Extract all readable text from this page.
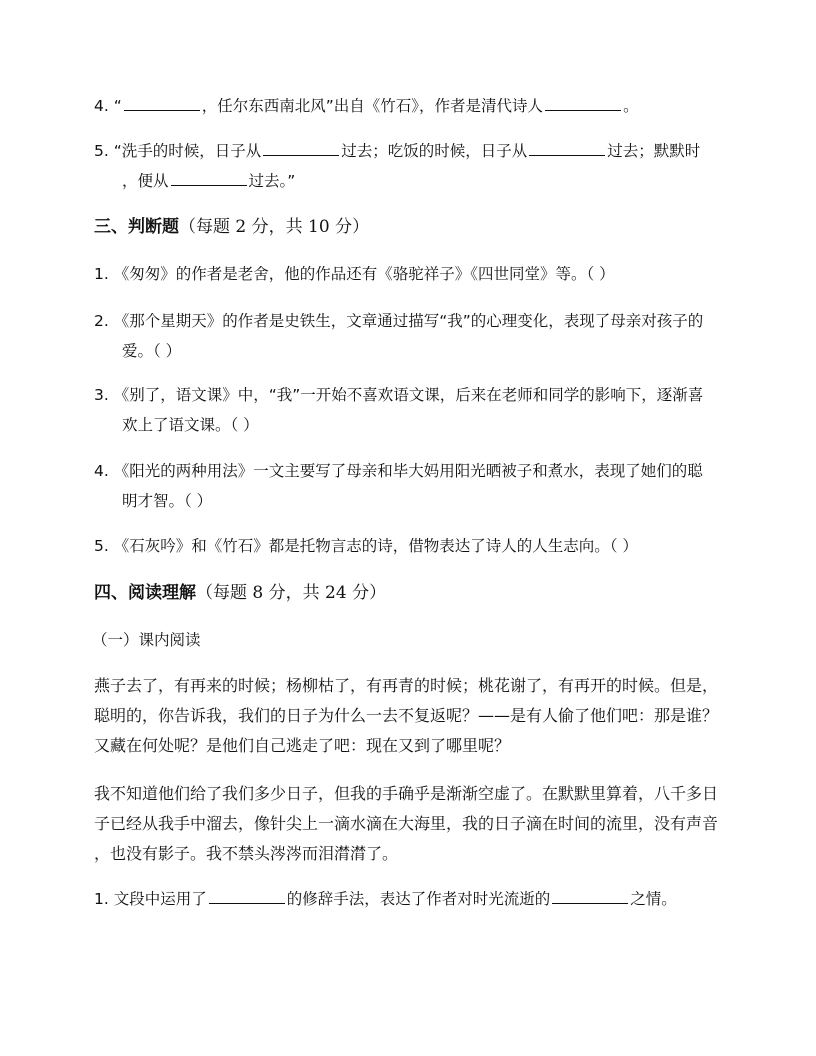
4. “	，任尔东西南北风”出自《竹石》，作者是清代诗人	。
5. “洗手的时候，日子从	过去；吃饭的时候，日子从	过去；默默时
，便从	过去。”
三、判断题（每题 2 分，共 10 分）
1. 《匆匆》的作者是老舍，他的作品还有《骆驼祥子》《四世同堂》等。（ ）
2. 《那个星期天》的作者是史铁生，文章通过描写“我”的心理变化，表现了母亲对孩子的
爱。（ ）
3. 《别了，语文课》中，“我”一开始不喜欢语文课，后来在老师和同学的影响下，逐渐喜
欢上了语文课。（ ）
4. 《阳光的两种用法》一文主要写了母亲和毕大妈用阳光晒被子和煮水，表现了她们的聪
明才智。（ ）
5. 《石灰吟》和《竹石》都是托物言志的诗，借物表达了诗人的人生志向。（ ）
四、阅读理解（每题 8 分，共 24 分）
（一）课内阅读
燕子去了，有再来的时候；杨柳枯了，有再青的时候；桃花谢了，有再开的时候。但是，
聪明的，你告诉我，我们的日子为什么一去不复返呢？——是有人偷了他们吧：那是谁？
又藏在何处呢？是他们自己逃走了吧：现在又到了哪里呢？
我不知道他们给了我们多少日子，但我的手确乎是渐渐空虚了。在默默里算着，八千多日
子已经从我手中溜去，像针尖上一滴水滴在大海里，我的日子滴在时间的流里，没有声音
，也没有影子。我不禁头涔涔而泪潸潸了。
1. 文段中运用了	的修辞手法，表达了作者对时光流逝的	之情。
